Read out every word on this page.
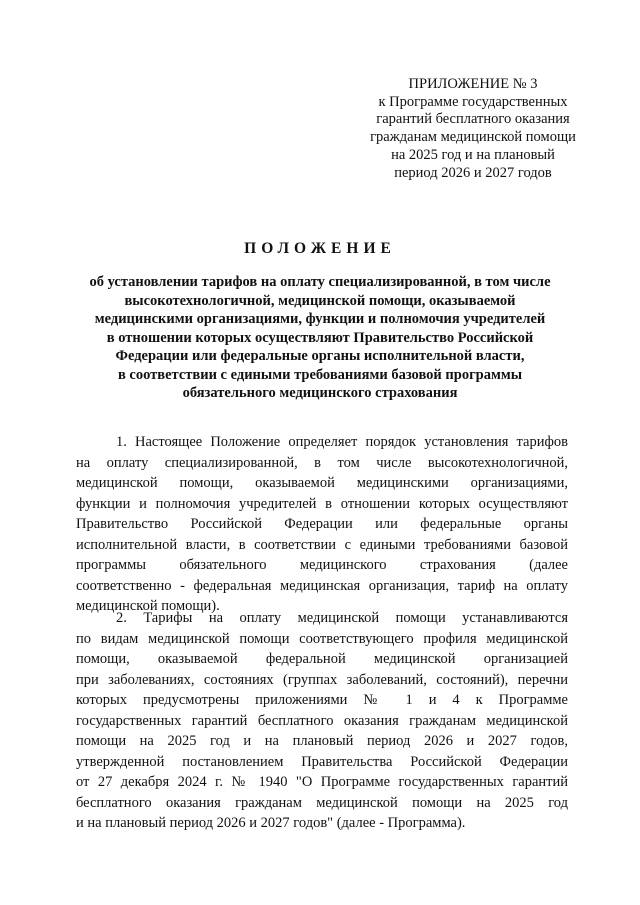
ПРИЛОЖЕНИЕ № 3
к Программе государственных
гарантий бесплатного оказания
гражданам медицинской помощи
на 2025 год и на плановый
период 2026 и 2027 годов
ПОЛОЖЕНИЕ
об установлении тарифов на оплату специализированной, в том числе
высокотехнологичной, медицинской помощи, оказываемой
медицинскими организациями, функции и полномочия учредителей
в отношении которых осуществляют Правительство Российской
Федерации или федеральные органы исполнительной власти,
в соответствии с едиными требованиями базовой программы
обязательного медицинского страхования
1. Настоящее Положение определяет порядок установления тарифов
на оплату специализированной, в том числе высокотехнологичной,
медицинской помощи, оказываемой медицинскими организациями,
функции и полномочия учредителей в отношении которых осуществляют
Правительство Российской Федерации или федеральные органы
исполнительной власти, в соответствии с едиными требованиями базовой
программы обязательного медицинского страхования (далее
соответственно - федеральная медицинская организация, тариф на оплату
медицинской помощи).
2. Тарифы на оплату медицинской помощи устанавливаются
по видам медицинской помощи соответствующего профиля медицинской
помощи, оказываемой федеральной медицинской организацией
при заболеваниях, состояниях (группах заболеваний, состояний), перечни
которых предусмотрены приложениями № 1 и 4 к Программе
государственных гарантий бесплатного оказания гражданам медицинской
помощи на 2025 год и на плановый период 2026 и 2027 годов,
утвержденной постановлением Правительства Российской Федерации
от 27 декабря 2024 г. № 1940 "О Программе государственных гарантий
бесплатного оказания гражданам медицинской помощи на 2025 год
и на плановый период 2026 и 2027 годов" (далее - Программа).
